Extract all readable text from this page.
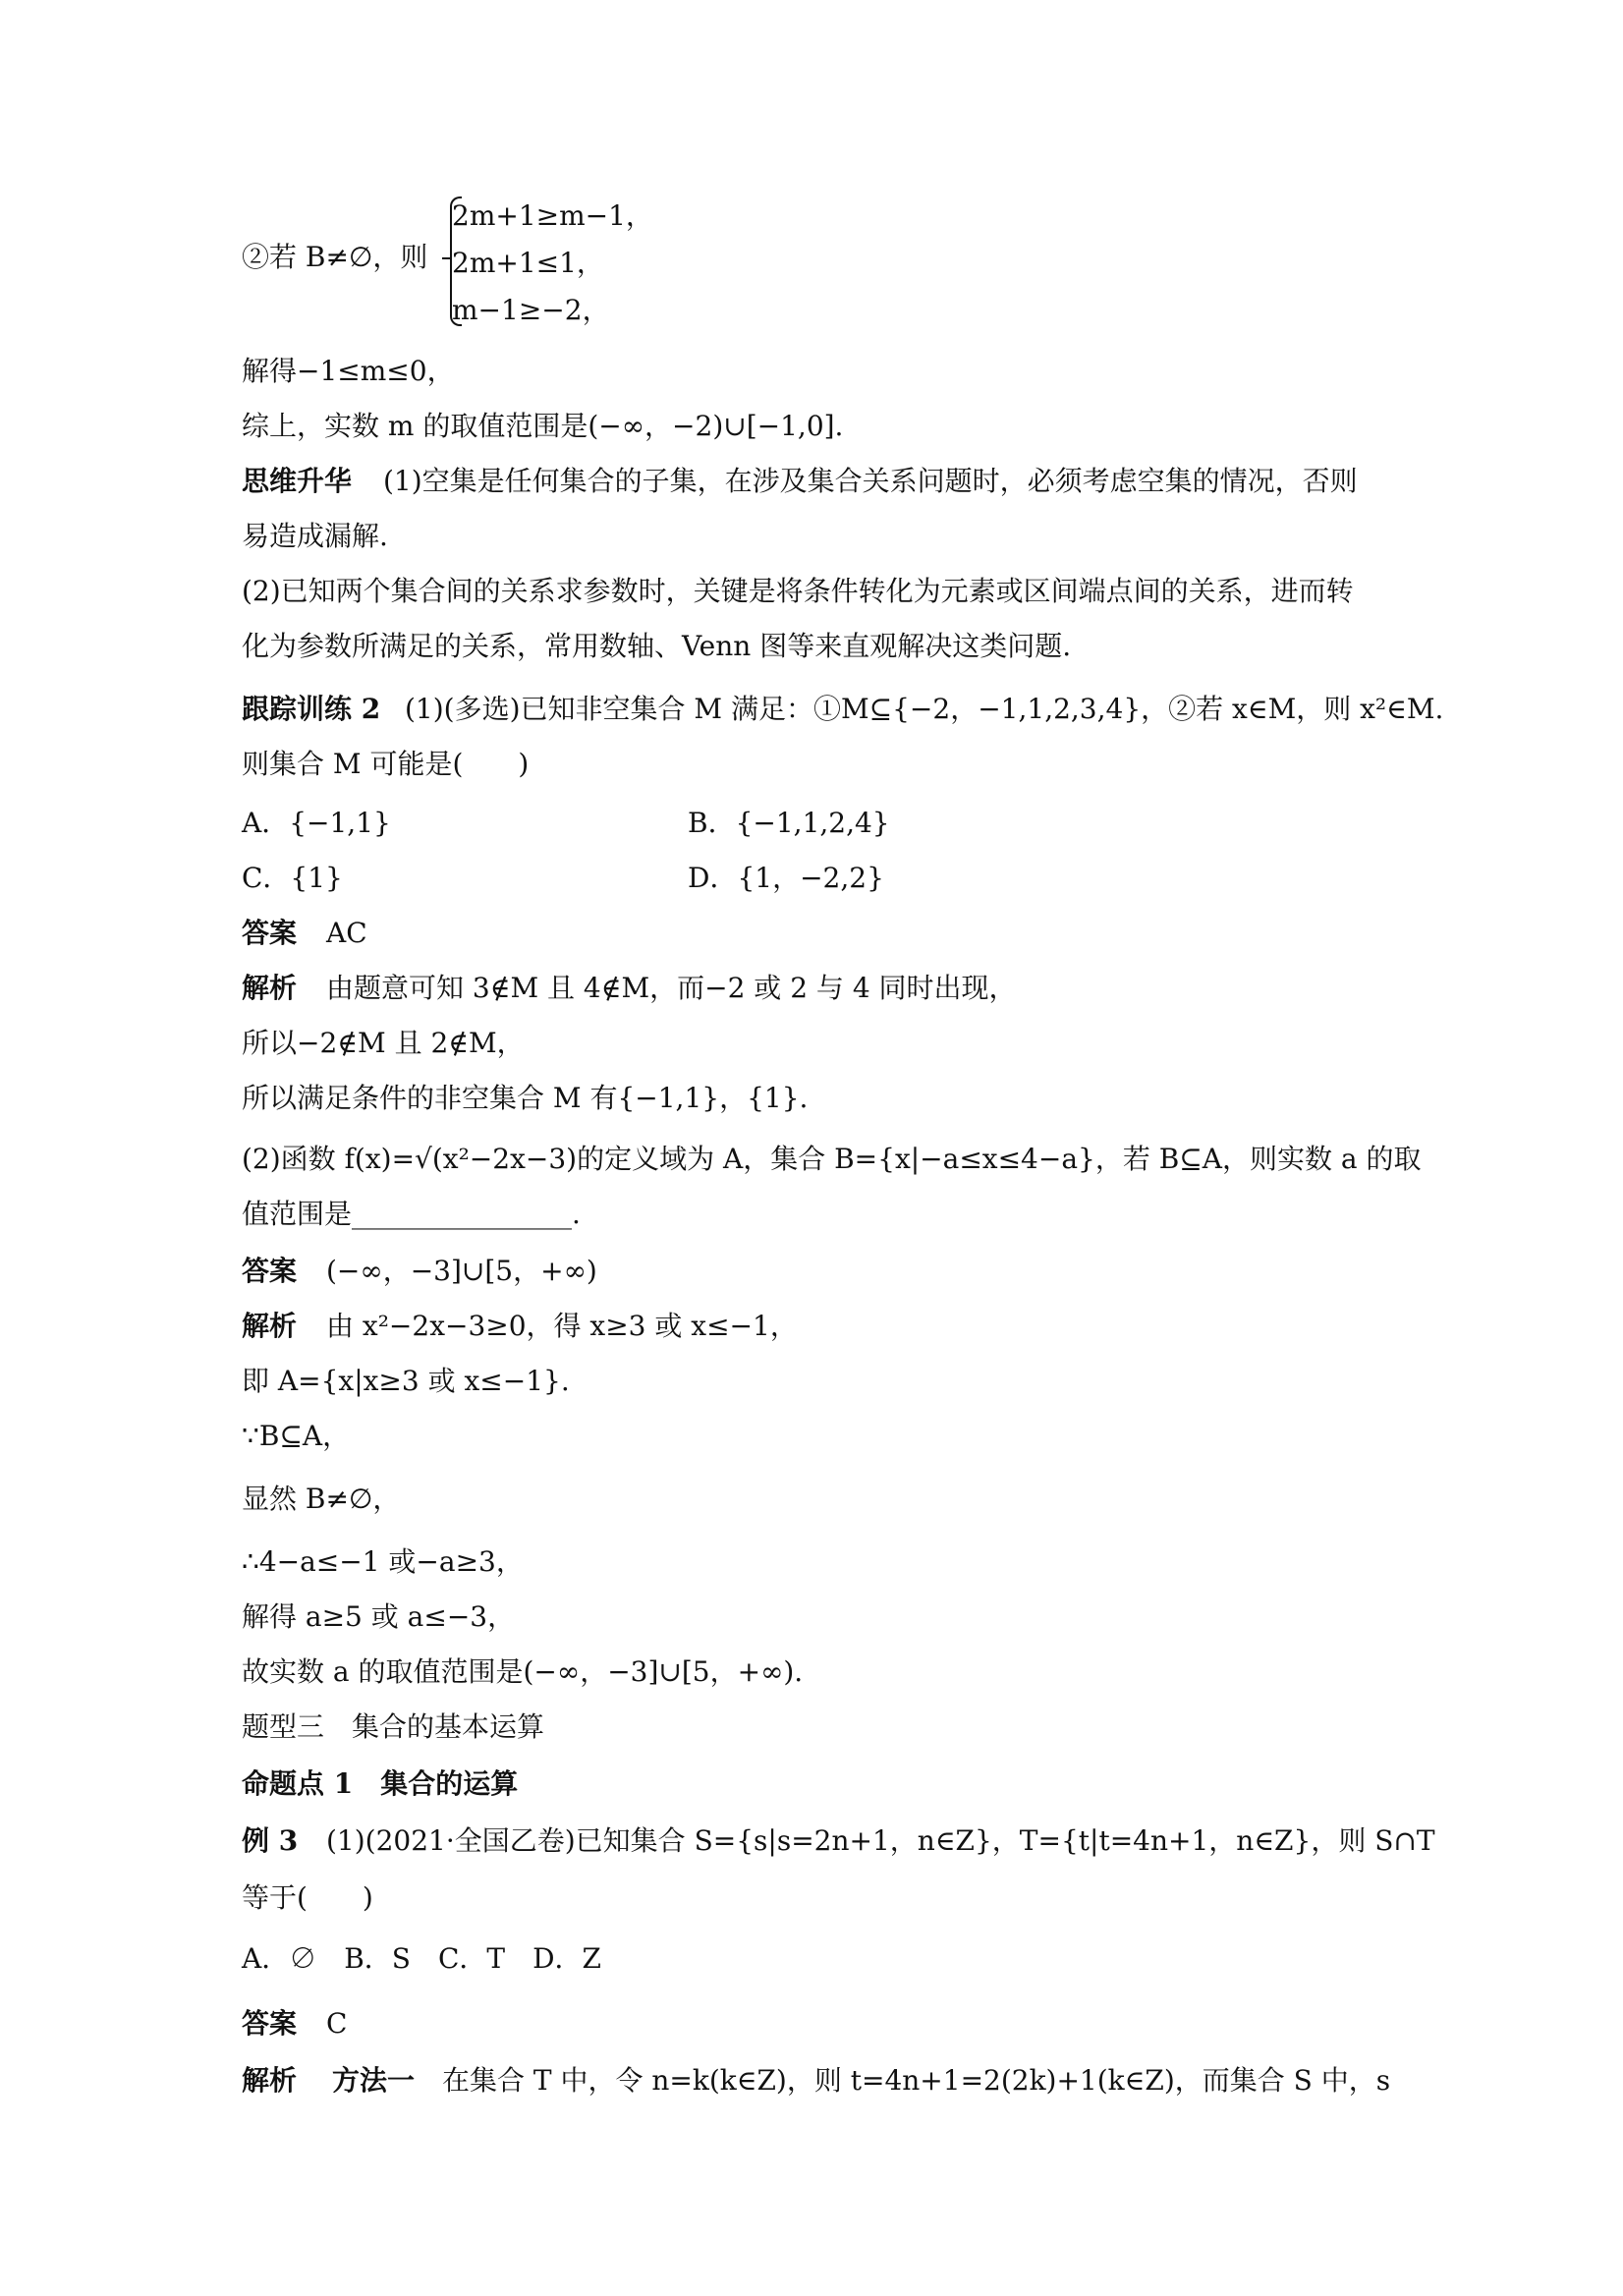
2m+1≥m−1，
②若 B≠∅，则 2m+1≤1，
m−1≥−2，
解得−1≤m≤0，
综上，实数 m 的取值范围是(−∞，−2)∪[−1,0].
思维升华 (1)空集是任何集合的子集，在涉及集合关系问题时，必须考虑空集的情况，否则
易造成漏解.
(2)已知两个集合间的关系求参数时，关键是将条件转化为元素或区间端点间的关系，进而转
化为参数所满足的关系，常用数轴、Venn 图等来直观解决这类问题.
跟踪训练 2 (1)(多选)已知非空集合 M 满足：①M⊆{−2，−1,1,2,3,4}，②若 x∈M，则 x²∈M.
则集合 M 可能是(　　)
A．{−1,1}	B．{−1,1,2,4}
C．{1}	D．{1，−2,2}
答案 AC
解析 由题意可知 3∉M 且 4∉M，而−2 或 2 与 4 同时出现，
所以−2∉M 且 2∉M，
所以满足条件的非空集合 M 有{−1,1}，{1}.
(2)函数 f(x)=√(x²−2x−3)的定义域为 A，集合 B={x|−a≤x≤4−a}，若 B⊆A，则实数 a 的取
值范围是________________.
答案 (−∞，−3]∪[5，+∞)
解析 由 x²−2x−3≥0，得 x≥3 或 x≤−1，
即 A={x|x≥3 或 x≤−1}.
∵B⊆A，
显然 B≠∅，
∴4−a≤−1 或−a≥3，
解得 a≥5 或 a≤−3，
故实数 a 的取值范围是(−∞，−3]∪[5，+∞).
题型三　集合的基本运算
命题点 1　集合的运算
例 3 (1)(2021·全国乙卷)已知集合 S={s|s=2n+1，n∈Z}，T={t|t=4n+1，n∈Z}，则 S∩T
等于(　　)
A．∅　B．S　C．T　D．Z
答案 C
解析 方法一 在集合 T 中，令 n=k(k∈Z)，则 t=4n+1=2(2k)+1(k∈Z)，而集合 S 中，s
